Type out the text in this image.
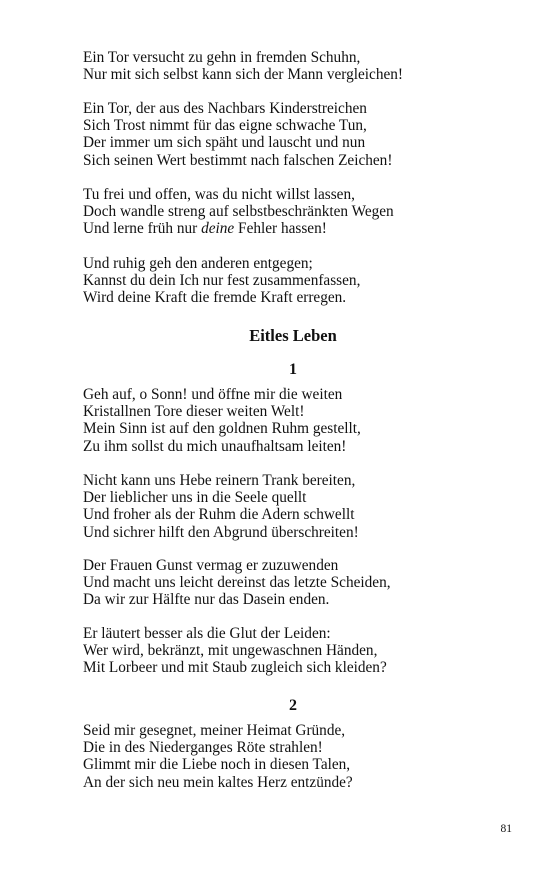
Ein Tor versucht zu gehn in fremden Schuhn,
Nur mit sich selbst kann sich der Mann vergleichen!

Ein Tor, der aus des Nachbars Kinderstreichen
Sich Trost nimmt für das eigne schwache Tun,
Der immer um sich späht und lauscht und nun
Sich seinen Wert bestimmt nach falschen Zeichen!

Tu frei und offen, was du nicht willst lassen,
Doch wandle streng auf selbstbeschränkten Wegen
Und lerne früh nur deine Fehler hassen!

Und ruhig geh den anderen entgegen;
Kannst du dein Ich nur fest zusammenfassen,
Wird deine Kraft die fremde Kraft erregen.

Eitles Leben
1

Geh auf, o Sonn! und öffne mir die weiten
Kristallnen Tore dieser weiten Welt!
Mein Sinn ist auf den goldnen Ruhm gestellt,
Zu ihm sollst du mich unaufhaltsam leiten!

Nicht kann uns Hebe reinern Trank bereiten,
Der lieblicher uns in die Seele quellt
Und froher als der Ruhm die Adern schwellt
Und sichrer hilft den Abgrund überschreiten!

Der Frauen Gunst vermag er zuzuwenden
Und macht uns leicht dereinst das letzte Scheiden,
Da wir zur Hälfte nur das Dasein enden.

Er läutert besser als die Glut der Leiden:
Wer wird, bekränzt, mit ungewaschnen Händen,
Mit Lorbeer und mit Staub zugleich sich kleiden?

2

Seid mir gesegnet, meiner Heimat Gründe,
Die in des Niederganges Röte strahlen!
Glimmt mir die Liebe noch in diesen Talen,
An der sich neu mein kaltes Herz entzünde?

81
